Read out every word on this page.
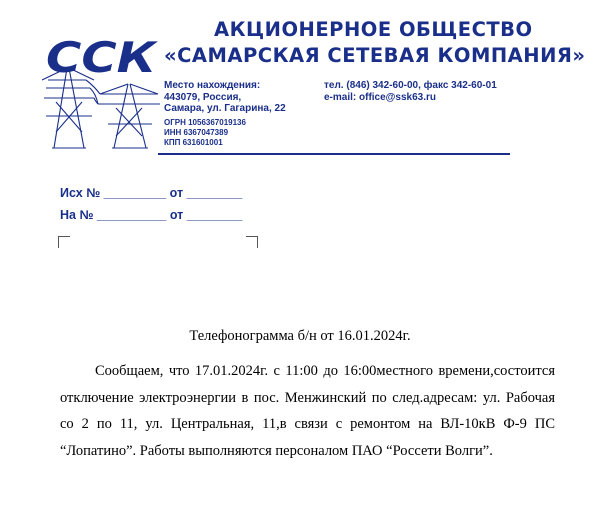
ССК
АКЦИОНЕРНОЕ ОБЩЕСТВО
«САМАРСКАЯ СЕТЕВАЯ КОМПАНИЯ»
Место нахождения:
443079, Россия,
Самара, ул. Гагарина, 22
тел. (846) 342-60-00, факс 342-60-01
e-mail: office@ssk63.ru
ОГРН 1056367019136
ИНН 6367047389
КПП 631601001
Исх № _________ от ________
На № __________ от ________
Телефонограмма б/н от 16.01.2024г.
Сообщаем, что 17.01.2024г. с 11:00 до 16:00местного времени,состоится отключение электроэнергии в пос. Менжинский по след.адресам: ул. Рабочая со 2 по 11, ул. Центральная, 11,в связи с ремонтом на ВЛ-10кВ Ф-9 ПС “Лопатино”. Работы выполняются персоналом ПАО “Россети Волги”.
